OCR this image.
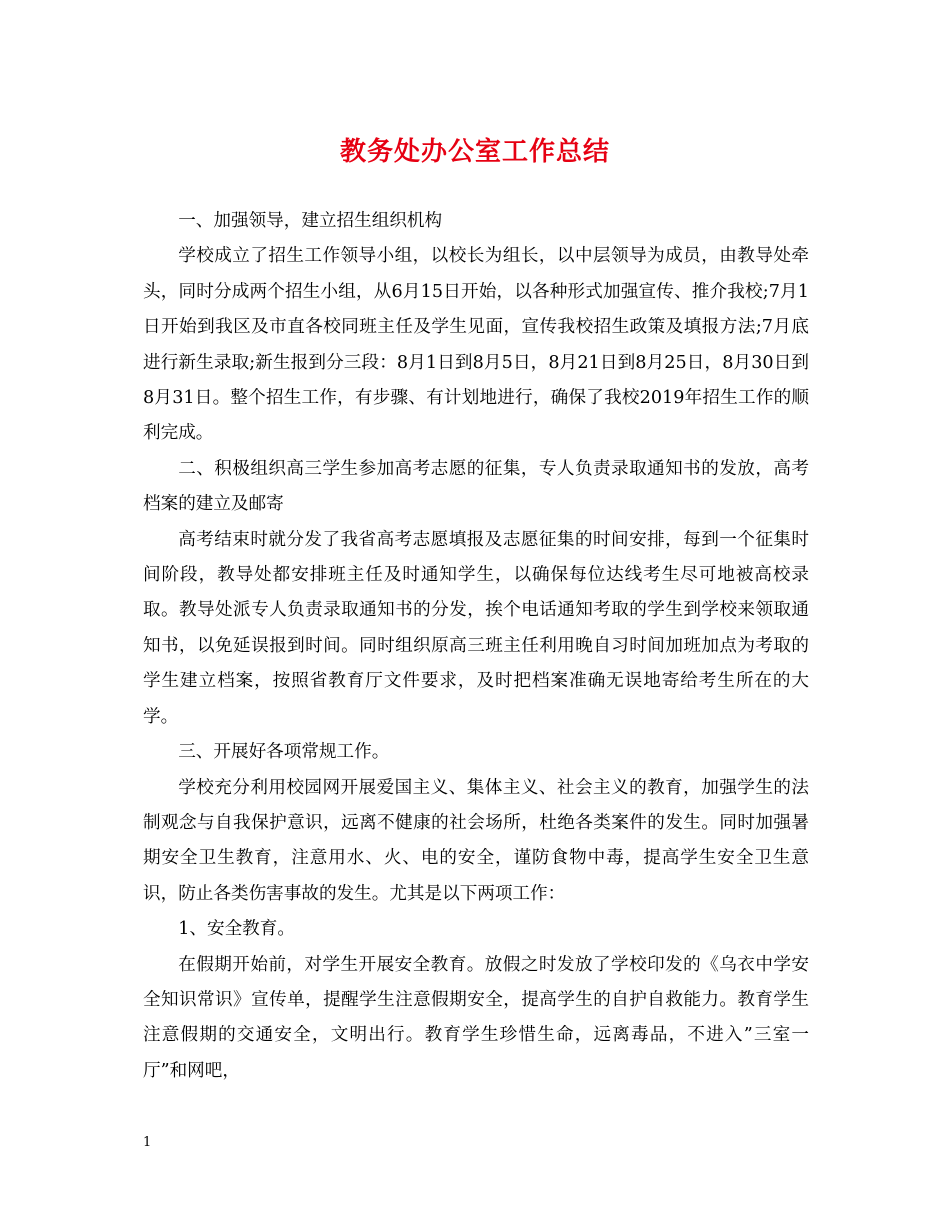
教务处办公室工作总结

一、加强领导，建立招生组织机构

学校成立了招生工作领导小组，以校长为组长，以中层领导为成员，由教导处牵头，同时分成两个招生小组，从6月15日开始，以各种形式加强宣传、推介我校;7月1日开始到我区及市直各校同班主任及学生见面，宣传我校招生政策及填报方法;7月底进行新生录取;新生报到分三段：8月1日到8月5日，8月21日到8月25日，8月30日到8月31日。整个招生工作，有步骤、有计划地进行，确保了我校2019年招生工作的顺利完成。

二、积极组织高三学生参加高考志愿的征集，专人负责录取通知书的发放，高考档案的建立及邮寄

高考结束时就分发了我省高考志愿填报及志愿征集的时间安排，每到一个征集时间阶段，教导处都安排班主任及时通知学生，以确保每位达线考生尽可地被高校录取。教导处派专人负责录取通知书的分发，挨个电话通知考取的学生到学校来领取通知书，以免延误报到时间。同时组织原高三班主任利用晚自习时间加班加点为考取的学生建立档案，按照省教育厅文件要求，及时把档案准确无误地寄给考生所在的大学。

三、开展好各项常规工作。

学校充分利用校园网开展爱国主义、集体主义、社会主义的教育，加强学生的法制观念与自我保护意识，远离不健康的社会场所，杜绝各类案件的发生。同时加强暑期安全卫生教育，注意用水、火、电的安全，谨防食物中毒，提高学生安全卫生意识，防止各类伤害事故的发生。尤其是以下两项工作：

1、安全教育。

在假期开始前，对学生开展安全教育。放假之时发放了学校印发的《乌衣中学安全知识常识》宣传单，提醒学生注意假期安全，提高学生的自护自救能力。教育学生注意假期的交通安全，文明出行。教育学生珍惜生命，远离毒品，不进入”三室一厅”和网吧，

1
